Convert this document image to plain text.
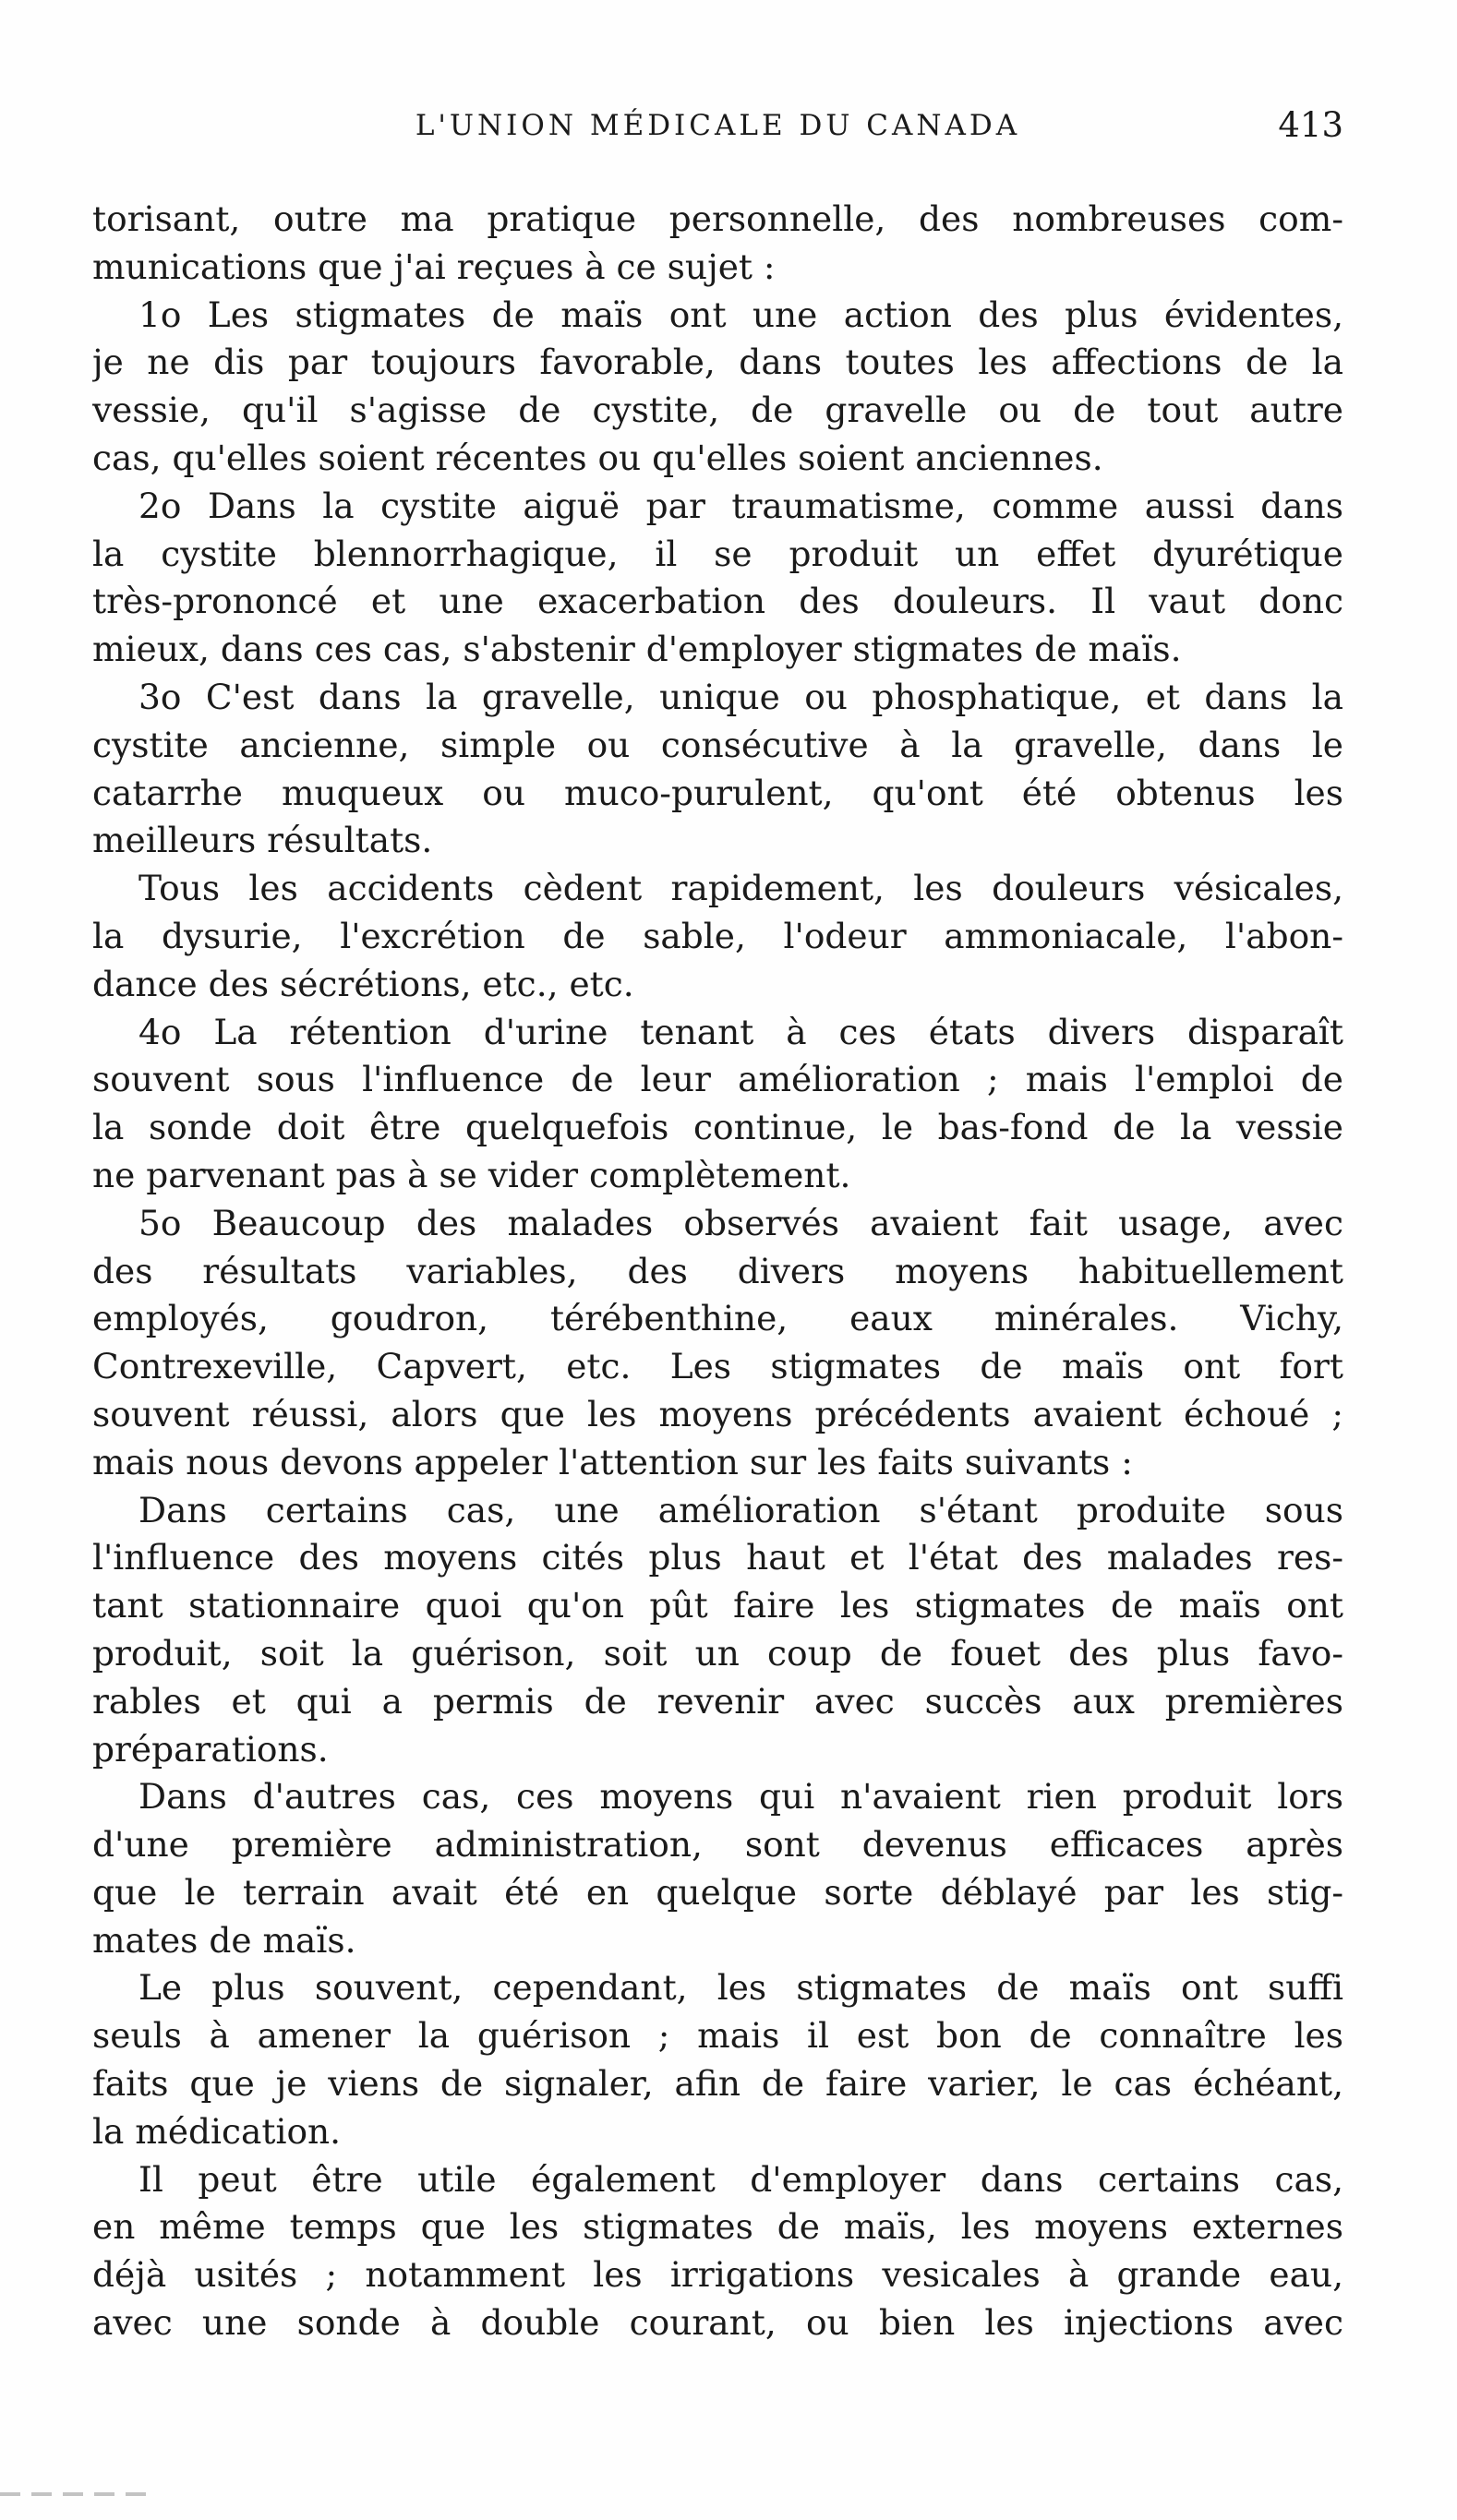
L'UNION MÉDICALE DU CANADA	413
torisant, outre ma pratique personnelle, des nombreuses com-
munications que j'ai reçues à ce sujet :
1o Les stigmates de maïs ont une action des plus évidentes,
je ne dis par toujours favorable, dans toutes les affections de la
vessie, qu'il s'agisse de cystite, de gravelle ou de tout autre
cas, qu'elles soient récentes ou qu'elles soient anciennes.
2o Dans la cystite aiguë par traumatisme, comme aussi dans
la cystite blennorrhagique, il se produit un effet dyurétique
très-prononcé et une exacerbation des douleurs. Il vaut donc
mieux, dans ces cas, s'abstenir d'employer stigmates de maïs.
3o C'est dans la gravelle, unique ou phosphatique, et dans la
cystite ancienne, simple ou consécutive à la gravelle, dans le
catarrhe muqueux ou muco-purulent, qu'ont été obtenus les
meilleurs résultats.
Tous les accidents cèdent rapidement, les douleurs vésicales,
la dysurie, l'excrétion de sable, l'odeur ammoniacale, l'abon-
dance des sécrétions, etc., etc.
4o La rétention d'urine tenant à ces états divers disparaît
souvent sous l'influence de leur amélioration ; mais l'emploi de
la sonde doit être quelquefois continue, le bas-fond de la vessie
ne parvenant pas à se vider complètement.
5o Beaucoup des malades observés avaient fait usage, avec
des résultats variables, des divers moyens habituellement
employés, goudron, térébenthine, eaux minérales. Vichy,
Contrexeville, Capvert, etc. Les stigmates de maïs ont fort
souvent réussi, alors que les moyens précédents avaient échoué ;
mais nous devons appeler l'attention sur les faits suivants :
Dans certains cas, une amélioration s'étant produite sous
l'influence des moyens cités plus haut et l'état des malades res-
tant stationnaire quoi qu'on pût faire les stigmates de maïs ont
produit, soit la guérison, soit un coup de fouet des plus favo-
rables et qui a permis de revenir avec succès aux premières
préparations.
Dans d'autres cas, ces moyens qui n'avaient rien produit lors
d'une première administration, sont devenus efficaces après
que le terrain avait été en quelque sorte déblayé par les stig-
mates de maïs.
Le plus souvent, cependant, les stigmates de maïs ont suffi
seuls à amener la guérison ; mais il est bon de connaître les
faits que je viens de signaler, afin de faire varier, le cas échéant,
la médication.
Il peut être utile également d'employer dans certains cas,
en même temps que les stigmates de maïs, les moyens externes
déjà usités ; notamment les irrigations vesicales à grande eau,
avec une sonde à double courant, ou bien les injections avec
